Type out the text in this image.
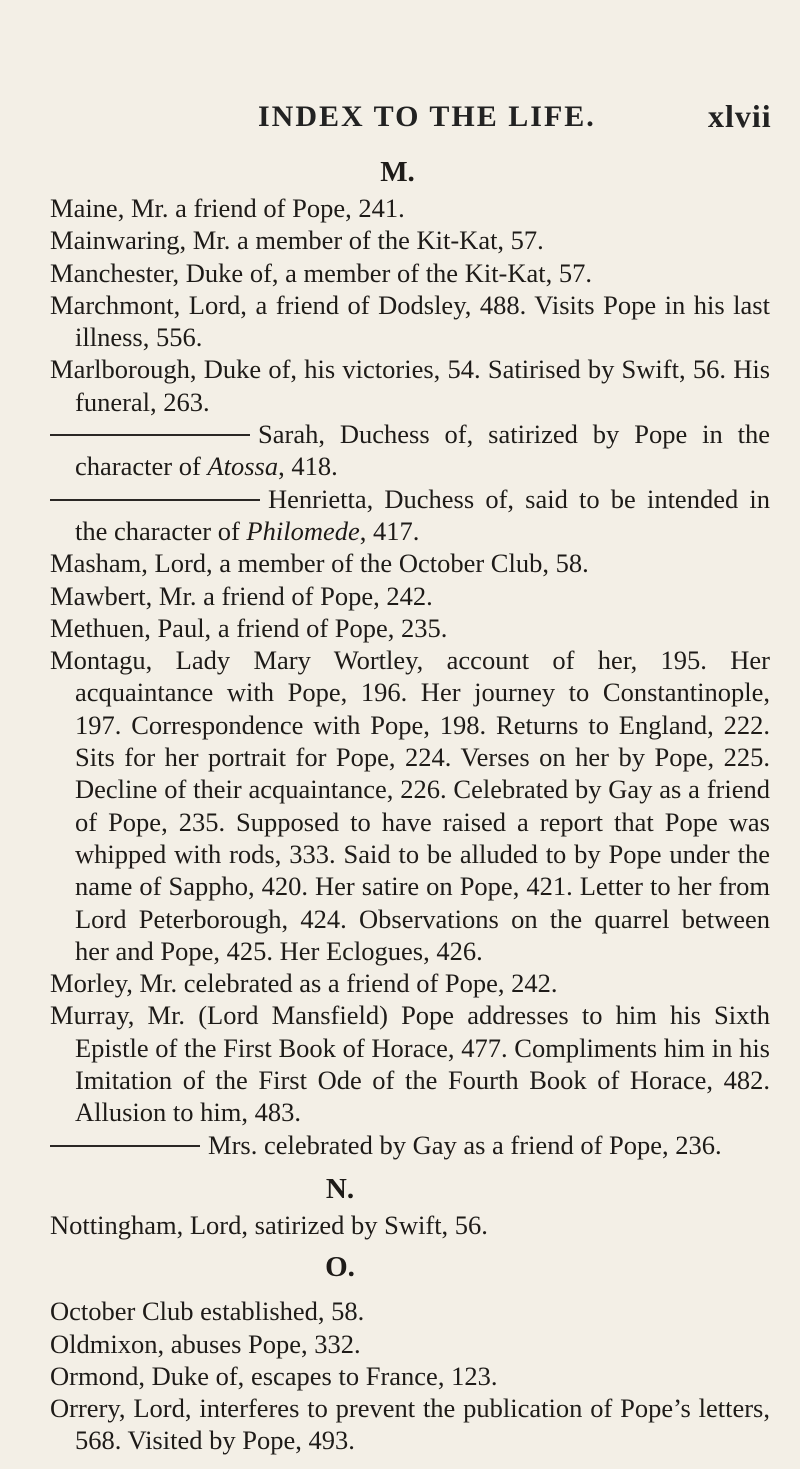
INDEX TO THE LIFE.	xlvii
M.

Maine, Mr. a friend of Pope, 241.

Mainwaring, Mr. a member of the Kit-Kat, 57.

Manchester, Duke of, a member of the Kit-Kat, 57.

Marchmont, Lord, a friend of Dodsley, 488. Visits Pope in his last illness, 556.

Marlborough, Duke of, his victories, 54. Satirised by Swift, 56. His funeral, 263.

Sarah, Duchess of, satirized by Pope in the character of Atossa, 418.

Henrietta, Duchess of, said to be intended in the character of Philomede, 417.

Masham, Lord, a member of the October Club, 58.

Mawbert, Mr. a friend of Pope, 242.

Methuen, Paul, a friend of Pope, 235.

Montagu, Lady Mary Wortley, account of her, 195. Her acquaintance with Pope, 196. Her journey to Constantinople, 197. Correspondence with Pope, 198. Returns to England, 222. Sits for her portrait for Pope, 224. Verses on her by Pope, 225. Decline of their acquaintance, 226. Celebrated by Gay as a friend of Pope, 235. Supposed to have raised a report that Pope was whipped with rods, 333. Said to be alluded to by Pope under the name of Sappho, 420. Her satire on Pope, 421. Letter to her from Lord Peterborough, 424. Observations on the quarrel between her and Pope, 425. Her Eclogues, 426.

Morley, Mr. celebrated as a friend of Pope, 242.

Murray, Mr. (Lord Mansfield) Pope addresses to him his Sixth Epistle of the First Book of Horace, 477. Compliments him in his Imitation of the First Ode of the Fourth Book of Horace, 482. Allusion to him, 483.

Mrs. celebrated by Gay as a friend of Pope, 236.

N.

Nottingham, Lord, satirized by Swift, 56.

O.

October Club established, 58.

Oldmixon, abuses Pope, 332.

Ormond, Duke of, escapes to France, 123.

Orrery, Lord, interferes to prevent the publication of Pope’s letters, 568. Visited by Pope, 493.
